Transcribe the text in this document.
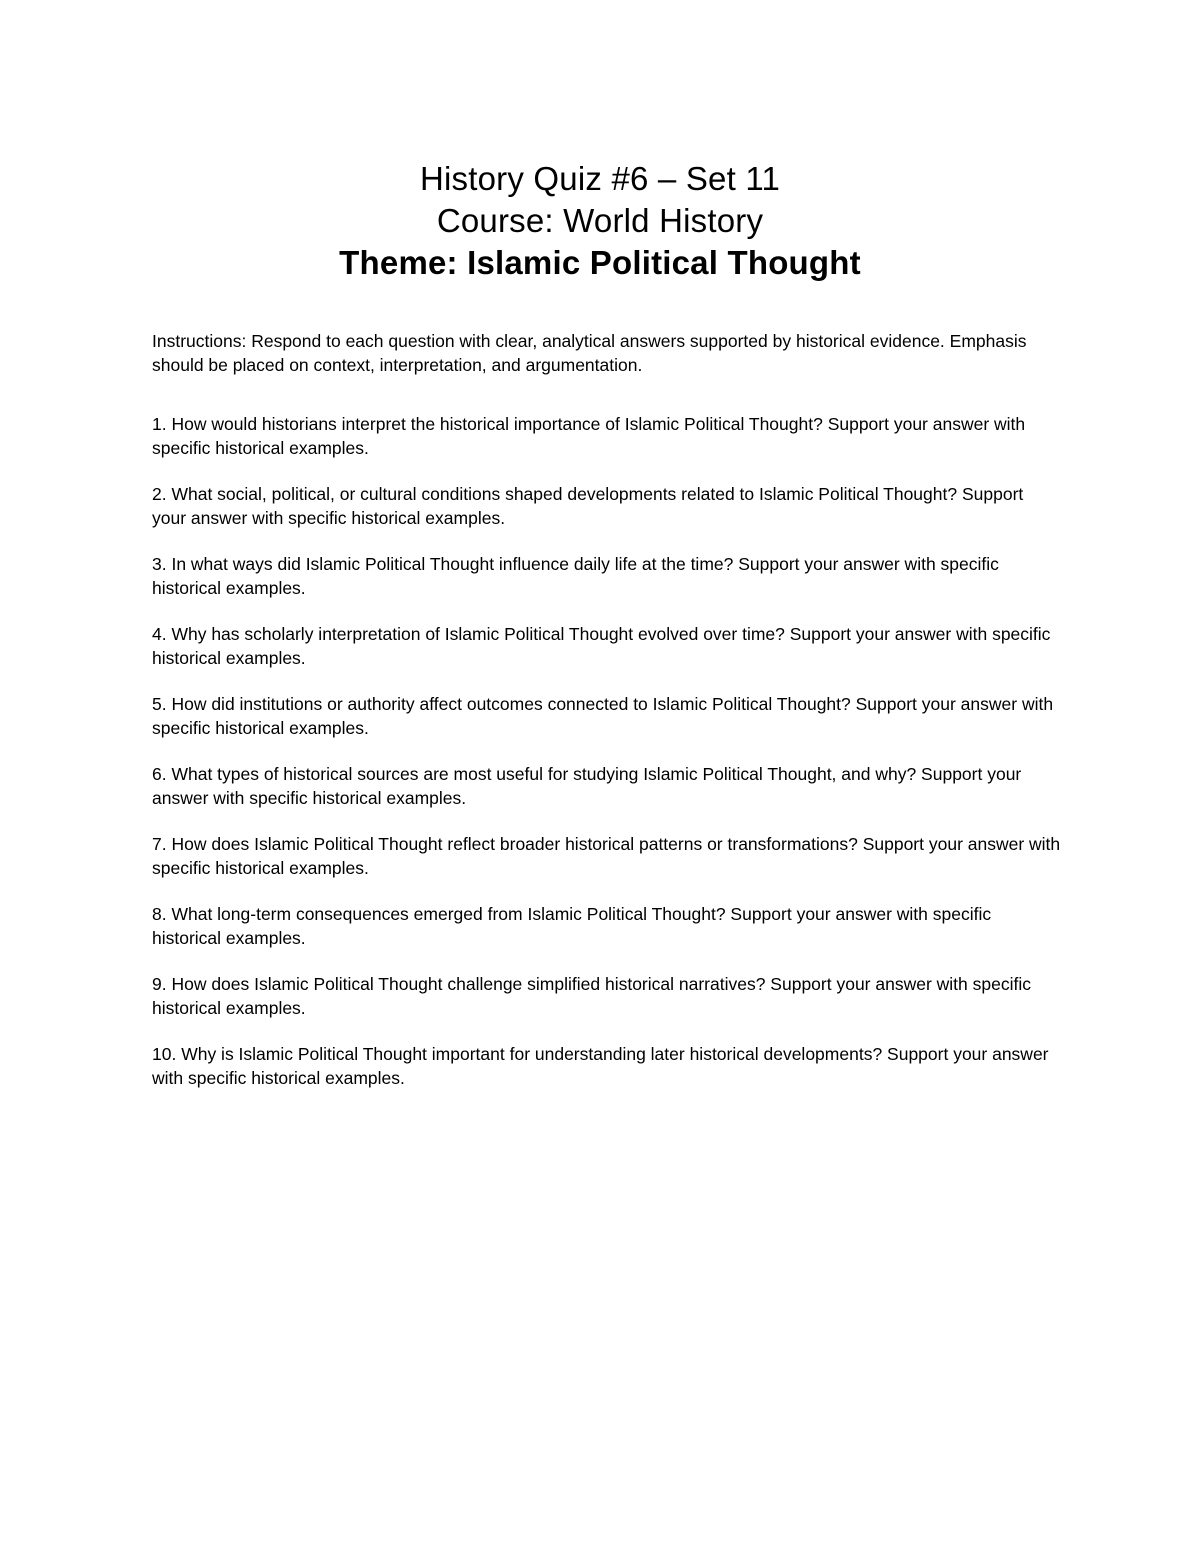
History Quiz #6 – Set 11

Course: World History

Theme: Islamic Political Thought

Instructions: Respond to each question with clear, analytical answers supported by historical evidence. Emphasis should be placed on context, interpretation, and argumentation.

1. How would historians interpret the historical importance of Islamic Political Thought? Support your answer with specific historical examples.

2. What social, political, or cultural conditions shaped developments related to Islamic Political Thought? Support your answer with specific historical examples.

3. In what ways did Islamic Political Thought influence daily life at the time? Support your answer with specific historical examples.

4. Why has scholarly interpretation of Islamic Political Thought evolved over time? Support your answer with specific historical examples.

5. How did institutions or authority affect outcomes connected to Islamic Political Thought? Support your answer with specific historical examples.

6. What types of historical sources are most useful for studying Islamic Political Thought, and why? Support your answer with specific historical examples.

7. How does Islamic Political Thought reflect broader historical patterns or transformations? Support your answer with specific historical examples.

8. What long-term consequences emerged from Islamic Political Thought? Support your answer with specific historical examples.

9. How does Islamic Political Thought challenge simplified historical narratives? Support your answer with specific historical examples.

10. Why is Islamic Political Thought important for understanding later historical developments? Support your answer with specific historical examples.
